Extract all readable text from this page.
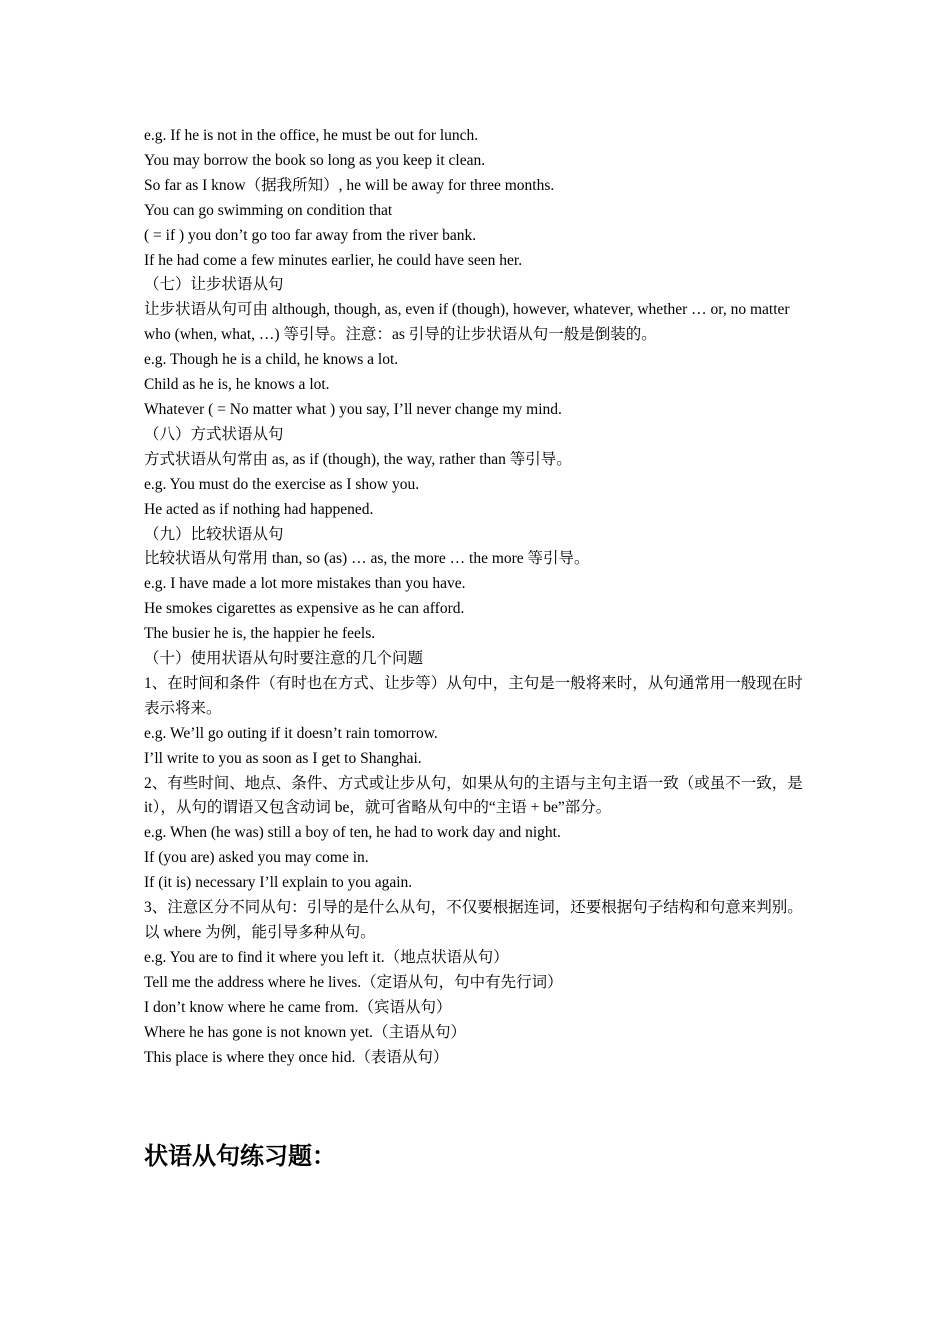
e.g. If he is not in the office, he must be out for lunch.

You may borrow the book so long as you keep it clean.

So far as I know（据我所知）, he will be away for three months.

You can go swimming on condition that

( = if ) you don’t go too far away from the river bank.

If he had come a few minutes earlier, he could have seen her.

（七）让步状语从句

让步状语从句可由 although, though, as, even if (though), however, whatever, whether … or, no matter who (when, what, …) 等引导。注意：as 引导的让步状语从句一般是倒装的。

e.g. Though he is a child, he knows a lot.

Child as he is, he knows a lot.

Whatever ( = No matter what ) you say, I’ll never change my mind.

（八）方式状语从句

方式状语从句常由 as, as if (though), the way, rather than 等引导。

e.g. You must do the exercise as I show you.

He acted as if nothing had happened.

（九）比较状语从句

比较状语从句常用 than, so (as) … as, the more … the more 等引导。

e.g. I have made a lot more mistakes than you have.

He smokes cigarettes as expensive as he can afford.

The busier he is, the happier he feels.

（十）使用状语从句时要注意的几个问题

1、在时间和条件（有时也在方式、让步等）从句中，主句是一般将来时，从句通常用一般现在时表示将来。

e.g. We’ll go outing if it doesn’t rain tomorrow.

I’ll write to you as soon as I get to Shanghai.

2、有些时间、地点、条件、方式或让步从句，如果从句的主语与主句主语一致（或虽不一致，是 it），从句的谓语又包含动词 be，就可省略从句中的“主语 + be”部分。

e.g. When (he was) still a boy of ten, he had to work day and night.

If (you are) asked you may come in.

If (it is) necessary I’ll explain to you again.

3、注意区分不同从句：引导的是什么从句，不仅要根据连词，还要根据句子结构和句意来判别。以 where 为例，能引导多种从句。

e.g. You are to find it where you left it.（地点状语从句）

Tell me the address where he lives.（定语从句，句中有先行词）

I don’t know where he came from.（宾语从句）

Where he has gone is not known yet.（主语从句）

This place is where they once hid.（表语从句）

状语从句练习题：
